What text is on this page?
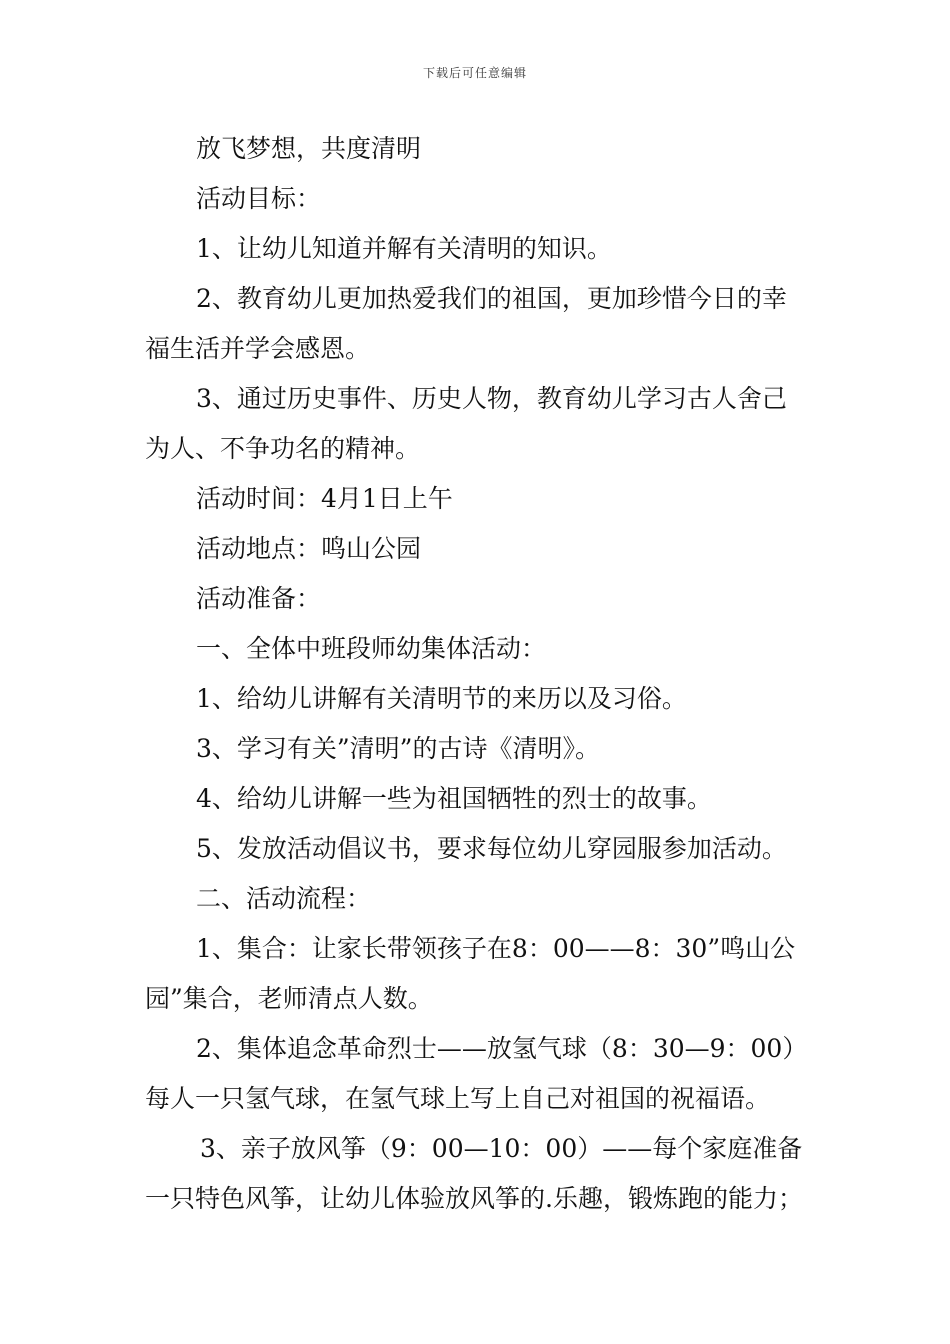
下载后可任意编辑
放飞梦想，共度清明
活动目标：
1、让幼儿知道并解有关清明的知识。
2、教育幼儿更加热爱我们的祖国，更加珍惜今日的幸
福生活并学会感恩。
3、通过历史事件、历史人物，教育幼儿学习古人舍己
为人、不争功名的精神。
活动时间：4月1日上午
活动地点：鸣山公园
活动准备：
一、全体中班段师幼集体活动：
1、给幼儿讲解有关清明节的来历以及习俗。
3、学习有关”清明”的古诗《清明》。
4、给幼儿讲解一些为祖国牺牲的烈士的故事。
5、发放活动倡议书，要求每位幼儿穿园服参加活动。
二、活动流程：
1、集合：让家长带领孩子在8：00——8：30”鸣山公
园”集合，老师清点人数。
2、集体追念革命烈士——放氢气球（8：30—9：00）
每人一只氢气球，在氢气球上写上自己对祖国的祝福语。
3、亲子放风筝（9：00—10：00）——每个家庭准备
一只特色风筝，让幼儿体验放风筝的.乐趣，锻炼跑的能力；
